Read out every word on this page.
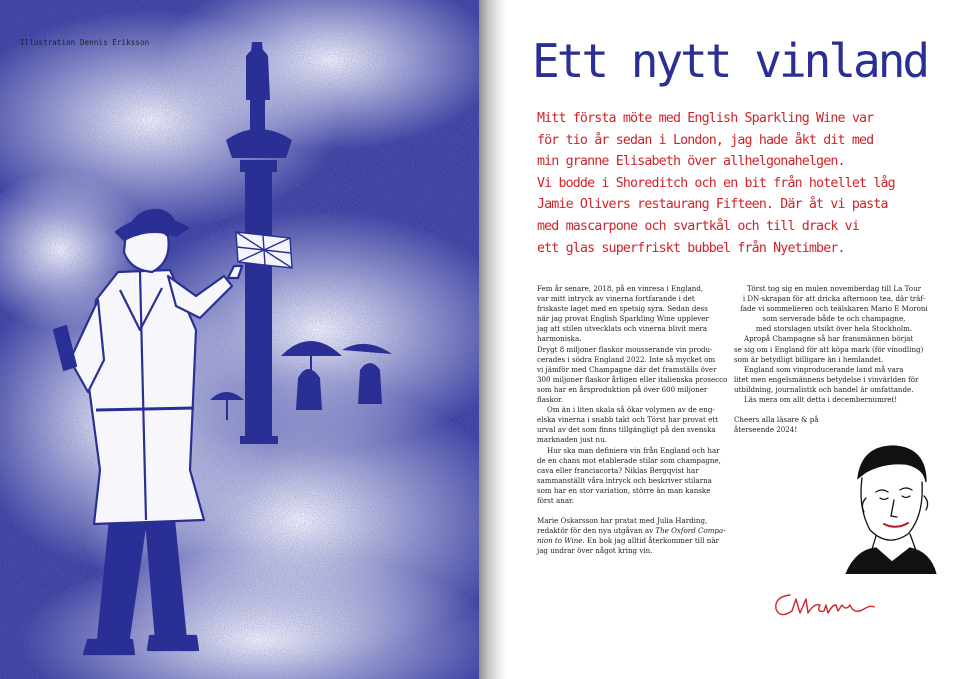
Illustration Dennis Eriksson	Ett nytt vinland
Mitt första möte med English Sparkling Wine var
för tio år sedan i London, jag hade åkt dit med
min granne Elisabeth över allhelgonahelgen.
Vi bodde i Shoreditch och en bit från hotellet låg
Jamie Olivers restaurang Fifteen. Där åt vi pasta
med mascarpone och svartkål och till drack vi
ett glas superfriskt bubbel från Nyetimber.

Fem år senare, 2018, på en vinresa i England,
var mitt intryck av vinerna fortfarande i det
friskaste laget med en spetsig syra. Sedan dess
när jag provat English Sparkling Wine upplever
jag att stilen utvecklats och vinerna blivit mera
harmoniska.

Drygt 8 miljoner flaskor mousserande vin produ-
cerades i södra England 2022. Inte så mycket om
vi jämför med Champagne där det framställs över
300 miljoner flaskor årligen eller italienska prosecco
som har en årsproduktion på över 600 miljoner
flaskor.

Om än i liten skala så ökar volymen av de eng-
elska vinerna i snabb takt och Törst har provat ett
urval av det som finns tillgängligt på den svenska
marknaden just nu.

Hur ska man definiera vin från England och har
de en chans mot etablerade stilar som champagne,
cava eller franciacorta? Niklas Bergqvist har
sammanställt våra intryck och beskriver stilarna
som har en stor variation, större än man kanske
först anar.

Marie Oskarsson har pratat med Julia Harding,
redaktör för den nya utgåvan av The Oxford Compa-
nion to Wine. En bok jag alltid återkommer till när
jag undrar över något kring vin.

Törst tog sig en mulen novemberdag till La Tour
i DN-skrapan för att dricka afternoon tea, där träf-
fade vi sommelieren och teälskaren Mario E Moroni
som serverade både te och champagne,
med storslagen utsikt över hela Stockholm.

Apropå Champagne så har fransmännen börjat
se sig om i England för att köpa mark (för vinodling)
som är betydligt billigare än i hemlandet.

England som vinproducerande land må vara
litet men engelsmännens betydelse i vinvärlden för
utbildning, journalistik och handel är omfattande.

Läs mera om allt detta i decembernumret!

Cheers alla läsare & på
återseende 2024!
